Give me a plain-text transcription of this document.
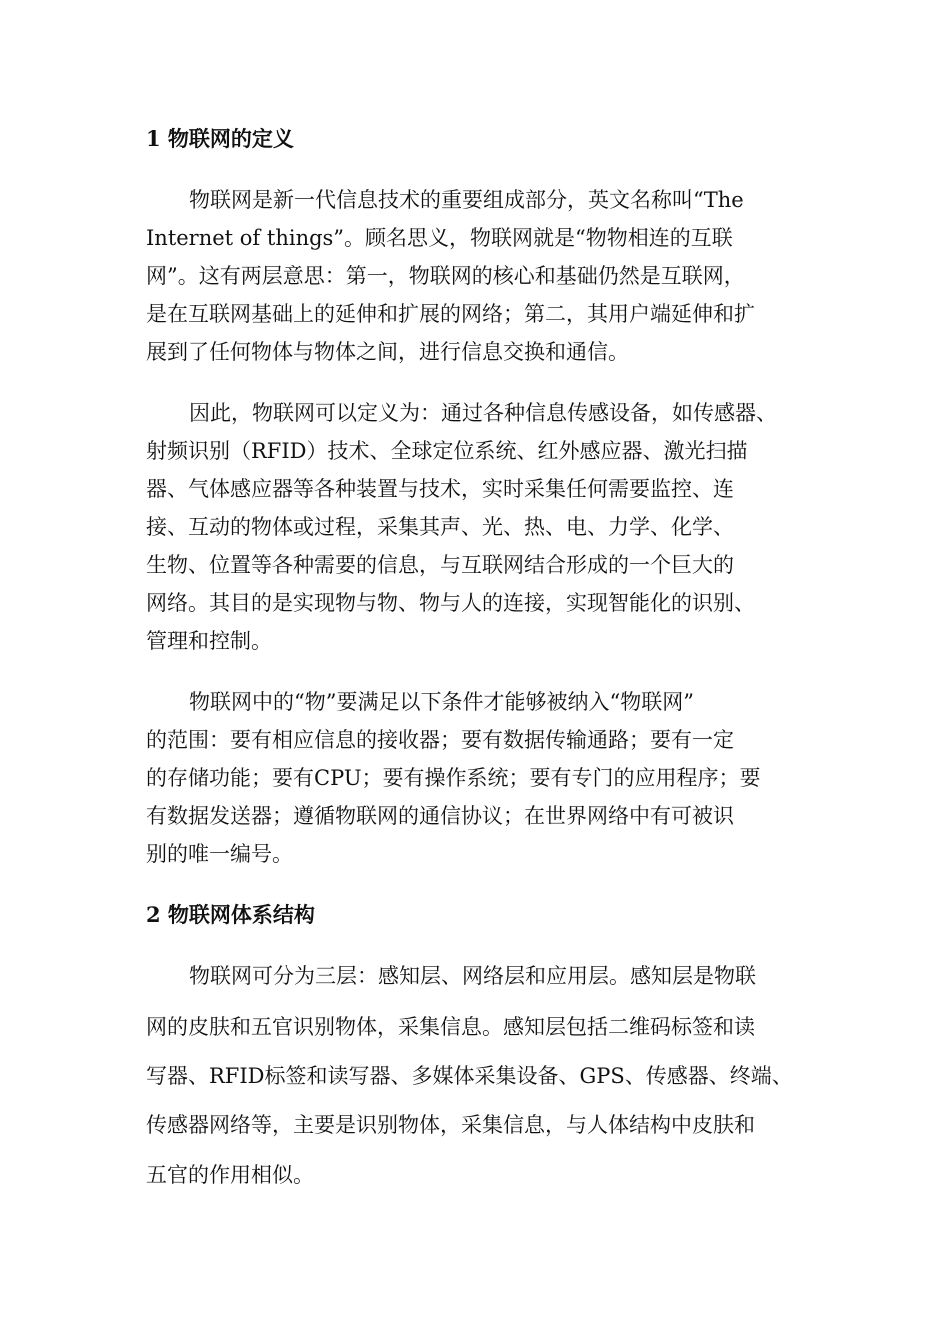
1 物联网的定义

物联网是新一代信息技术的重要组成部分，英文名称叫“The

Internet of things”。顾名思义，物联网就是“物物相连的互联

网”。这有两层意思：第一，物联网的核心和基础仍然是互联网，

是在互联网基础上的延伸和扩展的网络；第二，其用户端延伸和扩

展到了任何物体与物体之间，进行信息交换和通信。

因此，物联网可以定义为：通过各种信息传感设备，如传感器、

射频识别（RFID）技术、全球定位系统、红外感应器、激光扫描

器、气体感应器等各种装置与技术，实时采集任何需要监控、连

接、互动的物体或过程，采集其声、光、热、电、力学、化学、

生物、位置等各种需要的信息，与互联网结合形成的一个巨大的

网络。其目的是实现物与物、物与人的连接，实现智能化的识别、

管理和控制。

物联网中的“物”要满足以下条件才能够被纳入“物联网”

的范围：要有相应信息的接收器；要有数据传输通路；要有一定

的存储功能；要有CPU；要有操作系统；要有专门的应用程序；要

有数据发送器；遵循物联网的通信协议；在世界网络中有可被识

别的唯一编号。

2 物联网体系结构

物联网可分为三层：感知层、网络层和应用层。感知层是物联

网的皮肤和五官识别物体，采集信息。感知层包括二维码标签和读

写器、RFID标签和读写器、多媒体采集设备、GPS、传感器、终端、

传感器网络等，主要是识别物体，采集信息，与人体结构中皮肤和

五官的作用相似。
